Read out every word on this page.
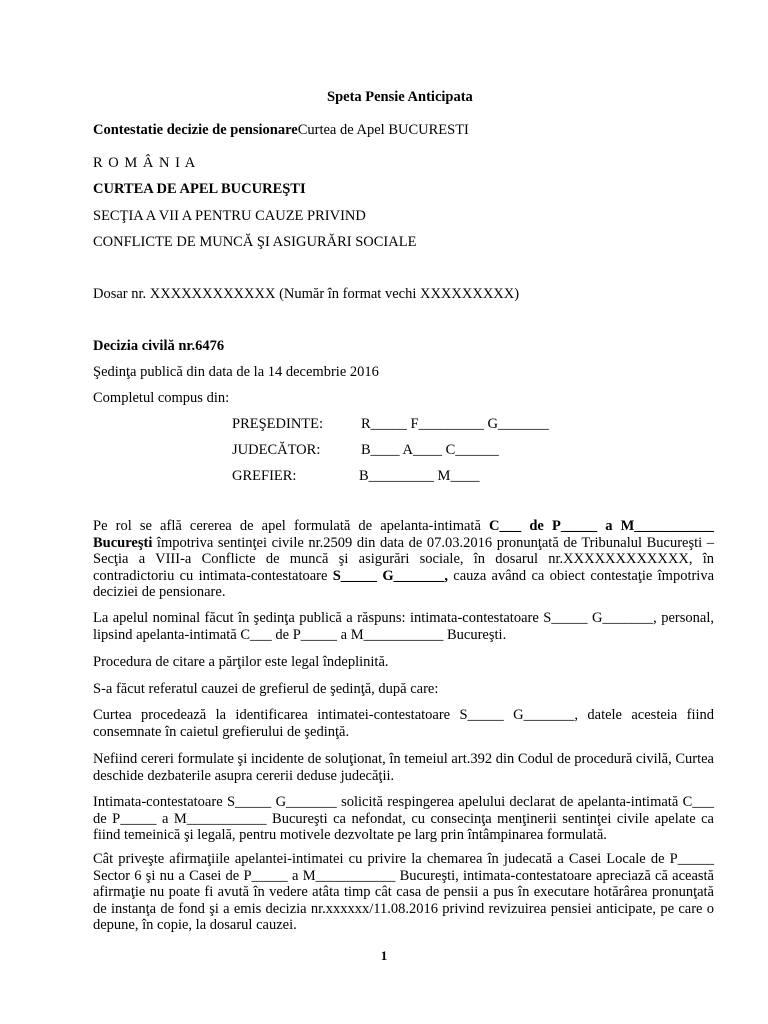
Speta Pensie Anticipata
Contestatie decizie de pensionareCurtea de Apel BUCURESTI
R O M Â N I A
CURTEA DE APEL BUCUREŞTI
SECŢIA A VII A PENTRU CAUZE PRIVIND
CONFLICTE DE MUNCĂ ŞI ASIGURĂRI SOCIALE
Dosar nr. XXXXXXXXXXXX (Număr în format vechi XXXXXXXXX)
Decizia civilă nr.6476
Şedinţa publică din data de la 14 decembrie 2016
Completul compus din:
PREŞEDINTE:	R_____ F_________ G_______
JUDECĂTOR:	B____ A____ C______
GREFIER:	B_________ M____
Pe rol se află cererea de apel formulată de apelanta-intimată C___ de P_____ a M___________ Bucureşti împotriva sentinţei civile nr.2509 din data de 07.03.2016 pronunţată de Tribunalul Bucureşti – Secţia a VIII-a Conflicte de muncă şi asigurări sociale, în dosarul nr.XXXXXXXXXXXX, în contradictoriu cu intimata-contestatoare S_____ G_______, cauza având ca obiect contestaţie împotriva deciziei de pensionare.
La apelul nominal făcut în şedinţa publică a răspuns: intimata-contestatoare S_____ G_______, personal, lipsind apelanta-intimată C___ de P_____ a M___________ Bucureşti.
Procedura de citare a părţilor este legal îndeplinită.
S-a făcut referatul cauzei de grefierul de şedinţă, după care:
Curtea procedează la identificarea intimatei-contestatoare S_____ G_______, datele acesteia fiind consemnate în caietul grefierului de şedinţă.
Nefiind cereri formulate şi incidente de soluţionat, în temeiul art.392 din Codul de procedură civilă, Curtea deschide dezbaterile asupra cererii deduse judecăţii.
Intimata-contestatoare S_____ G_______ solicită respingerea apelului declarat de apelanta-intimată C___ de P_____ a M___________ Bucureşti ca nefondat, cu consecinţa menţinerii sentinţei civile apelate ca fiind temeinică şi legală, pentru motivele dezvoltate pe larg prin întâmpinarea formulată.
Cât priveşte afirmaţiile apelantei-intimatei cu privire la chemarea în judecată a Casei Locale de P_____ Sector 6 şi nu a Casei de P_____ a M___________ Bucureşti, intimata-contestatoare apreciază că această afirmaţie nu poate fi avută în vedere atâta timp cât casa de pensii a pus în executare hotărârea pronunţată de instanţa de fond şi a emis decizia nr.xxxxxx/11.08.2016 privind revizuirea pensiei anticipate, pe care o depune, în copie, la dosarul cauzei.
1
